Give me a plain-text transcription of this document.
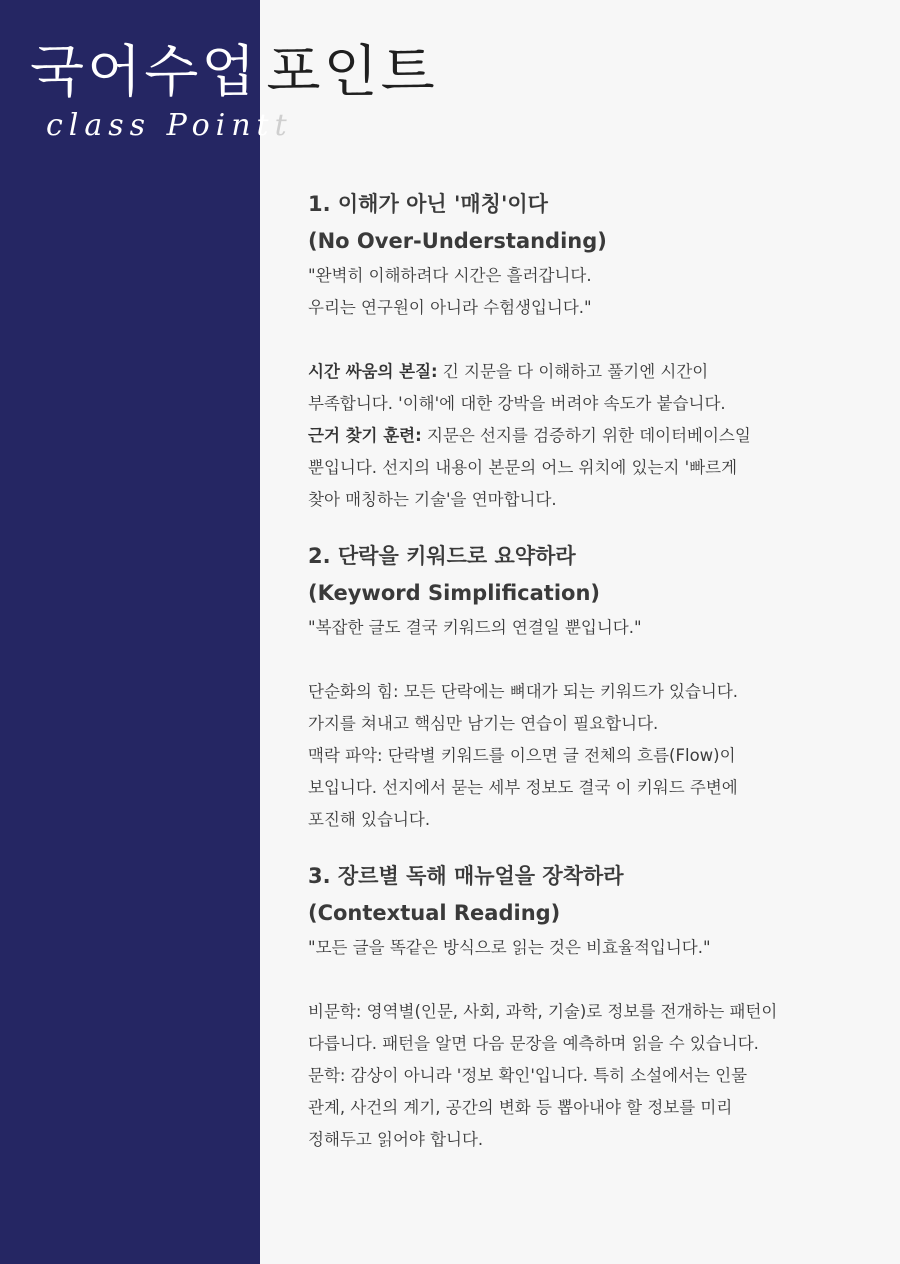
국어수업 포인트
class Pointt

1. 이해가 아닌 '매칭'이다

(No Over-Understanding)

"완벽히 이해하려다 시간은 흘러갑니다.

우리는 연구원이 아니라 수험생입니다."

시간 싸움의 본질: 긴 지문을 다 이해하고 풀기엔 시간이

부족합니다. '이해'에 대한 강박을 버려야 속도가 붙습니다.

근거 찾기 훈련: 지문은 선지를 검증하기 위한 데이터베이스일

뿐입니다. 선지의 내용이 본문의 어느 위치에 있는지 '빠르게

찾아 매칭하는 기술'을 연마합니다.

2. 단락을 키워드로 요약하라

(Keyword Simplification)

"복잡한 글도 결국 키워드의 연결일 뿐입니다."

단순화의 힘: 모든 단락에는 뼈대가 되는 키워드가 있습니다.

가지를 쳐내고 핵심만 남기는 연습이 필요합니다.

맥락 파악: 단락별 키워드를 이으면 글 전체의 흐름(Flow)이

보입니다. 선지에서 묻는 세부 정보도 결국 이 키워드 주변에

포진해 있습니다.

3. 장르별 독해 매뉴얼을 장착하라

(Contextual Reading)

"모든 글을 똑같은 방식으로 읽는 것은 비효율적입니다."

비문학: 영역별(인문, 사회, 과학, 기술)로 정보를 전개하는 패턴이

다릅니다. 패턴을 알면 다음 문장을 예측하며 읽을 수 있습니다.

문학: 감상이 아니라 '정보 확인'입니다. 특히 소설에서는 인물

관계, 사건의 계기, 공간의 변화 등 뽑아내야 할 정보를 미리

정해두고 읽어야 합니다.
